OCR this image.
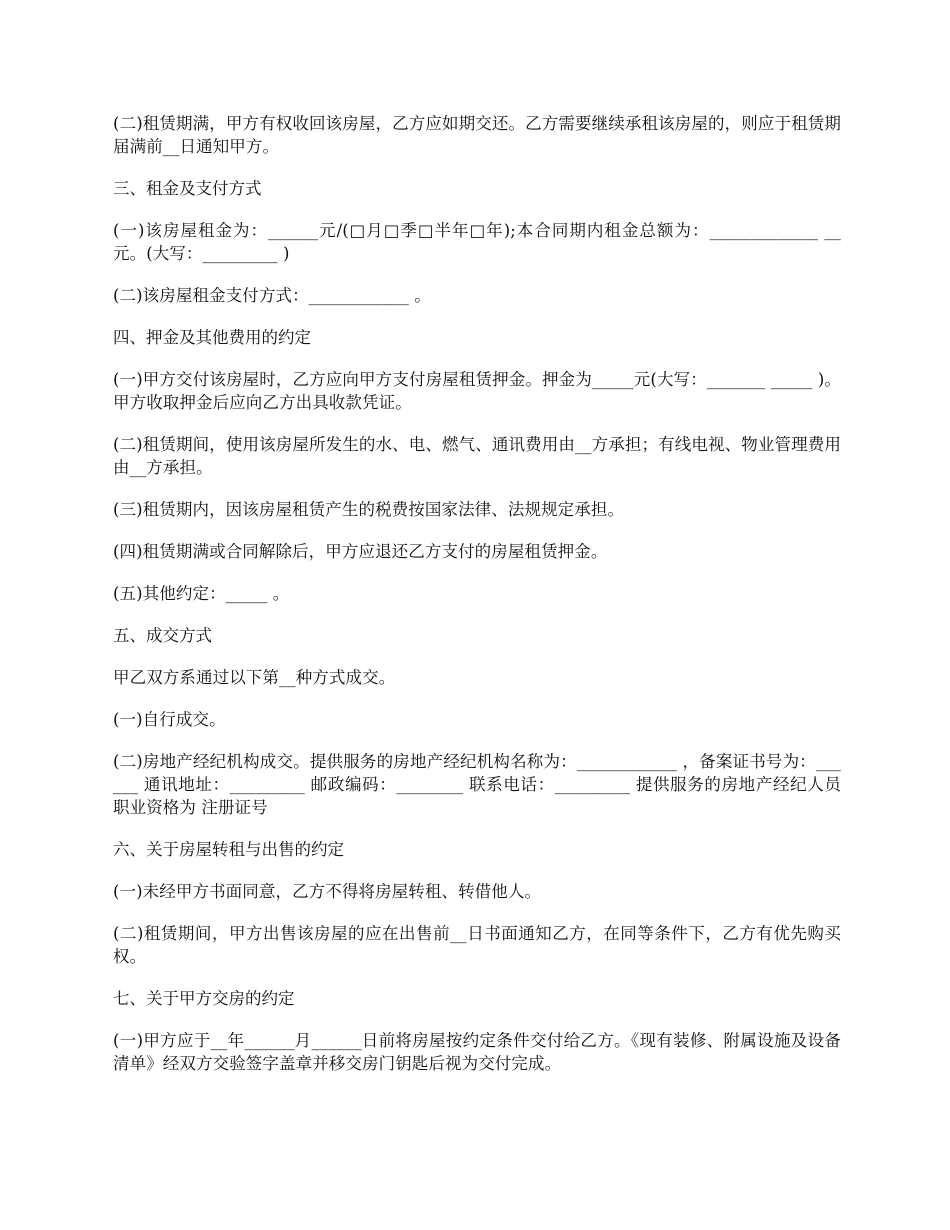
(二)租赁期满，甲方有权收回该房屋，乙方应如期交还。乙方需要继续承租该房屋的，则应于租赁期届满前__日通知甲方。

三、租金及支付方式

(一)该房屋租金为：______元/(□月□季□半年□年);本合同期内租金总额为：_____________ __元。(大写：_________ )

(二)该房屋租金支付方式：____________ 。

四、押金及其他费用的约定

(一)甲方交付该房屋时，乙方应向甲方支付房屋租赁押金。押金为_____元(大写：_______ _____ )。甲方收取押金后应向乙方出具收款凭证。

(二)租赁期间，使用该房屋所发生的水、电、燃气、通讯费用由__方承担；有线电视、物业管理费用由__方承担。

(三)租赁期内，因该房屋租赁产生的税费按国家法律、法规规定承担。

(四)租赁期满或合同解除后，甲方应退还乙方支付的房屋租赁押金。

(五)其他约定：_____ 。

五、成交方式

甲乙双方系通过以下第__种方式成交。

(一)自行成交。

(二)房地产经纪机构成交。提供服务的房地产经纪机构名称为：____________ ，备案证书号为：______ 通讯地址：_________ 邮政编码：________ 联系电话：_________ 提供服务的房地产经纪人员职业资格为 注册证号

六、关于房屋转租与出售的约定

(一)未经甲方书面同意，乙方不得将房屋转租、转借他人。

(二)租赁期间，甲方出售该房屋的应在出售前__日书面通知乙方，在同等条件下，乙方有优先购买权。

七、关于甲方交房的约定

(一)甲方应于__年______月______日前将房屋按约定条件交付给乙方。《现有装修、附属设施及设备清单》经双方交验签字盖章并移交房门钥匙后视为交付完成。
